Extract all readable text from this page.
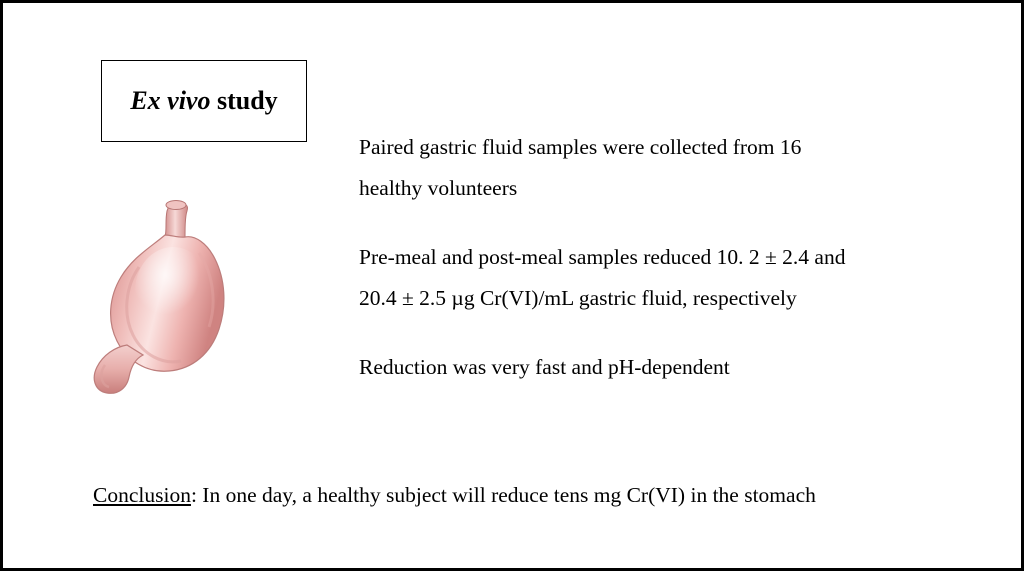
Ex vivo study
Paired gastric fluid samples were collected from 16
healthy volunteers
Pre-meal and post-meal samples reduced 10. 2 ± 2.4 and
20.4 ± 2.5 µg Cr(VI)/mL gastric fluid, respectively
Reduction was very fast and pH-dependent
Conclusion: In one day, a healthy subject will reduce tens mg Cr(VI) in the stomach
